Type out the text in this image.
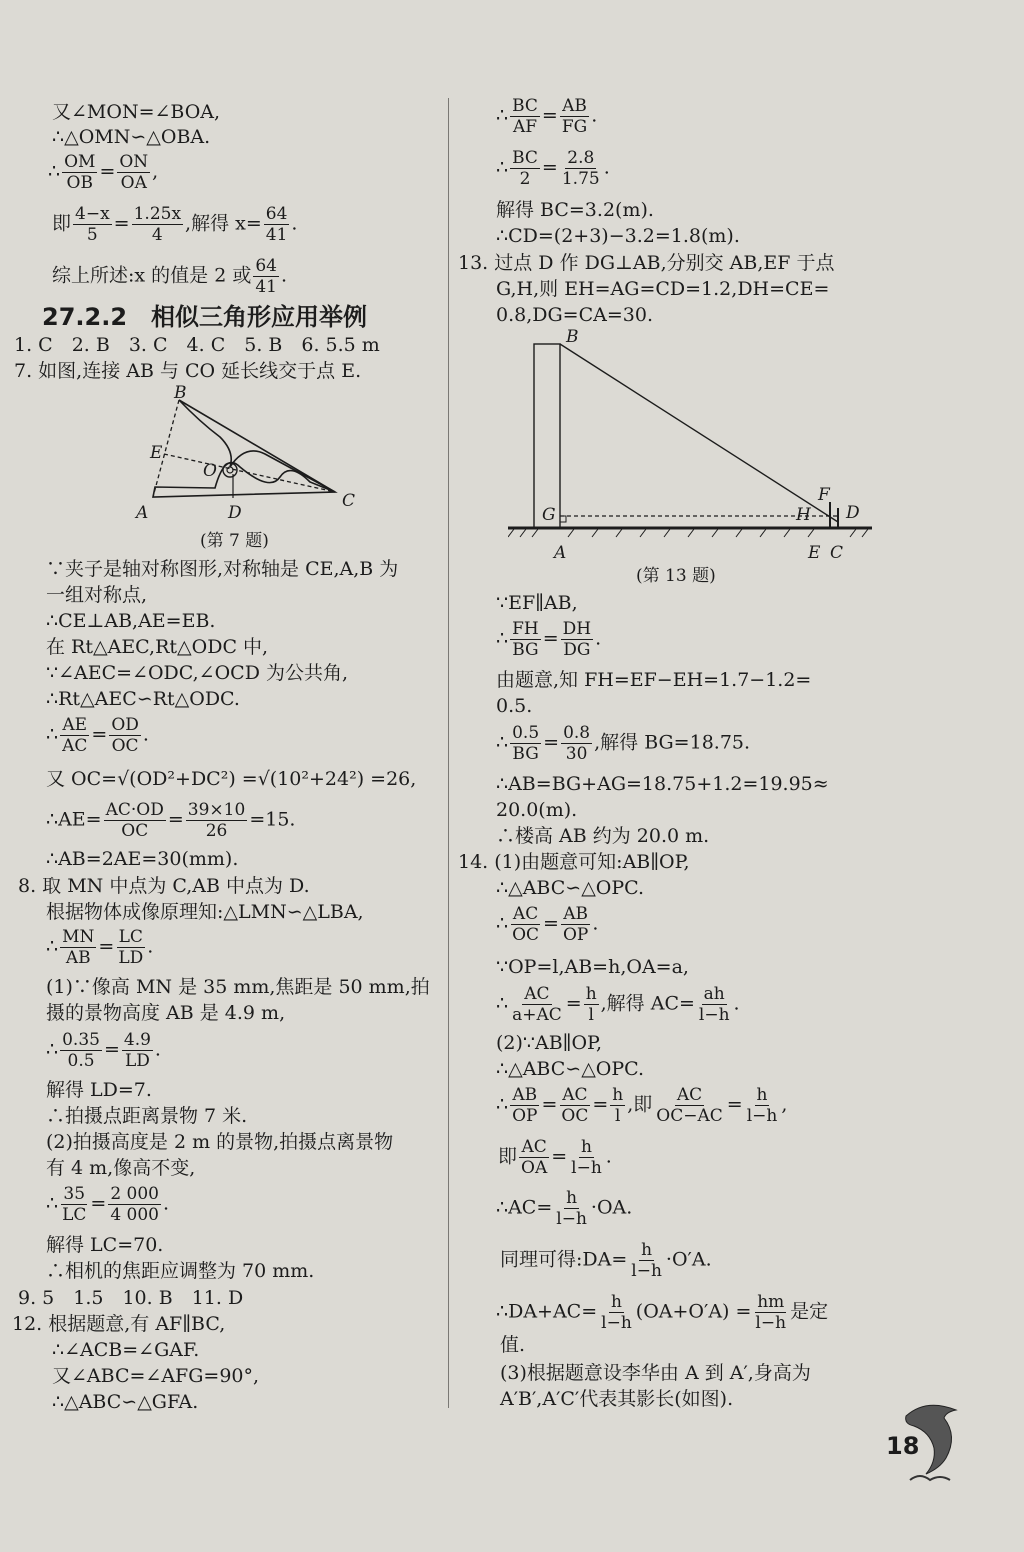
又∠MON=∠BOA,
∴△OMN∽△OBA.
∴ $\frac{OM}{OB} = \frac{ON}{OA}$ ,
即 $\frac{4-x}{5} = \frac{1.25x}{4}$ ,解得 $x= \frac{64}{41}$ .
综上所述:x 的值是 2 或 $\frac{64}{41}$ .
27.2.2　相似三角形应用举例
1. C　2. B　3. C　4. C　5. B　6. 5.5 m
7. 如图,连接 AB 与 CO 延长线交于点 E.
B
E
O
A	D
C
(第 7 题)
∵夹子是轴对称图形,对称轴是 CE,A,B 为
一组对称点,
∴CE⊥AB,AE=EB.
在 Rt△AEC,Rt△ODC 中,
∵∠AEC=∠ODC,∠OCD 为公共角,
∴Rt△AEC∽Rt△ODC.
∴ $\frac{AE}{AC} = \frac{OD}{OC}$ .
又 OC=√(OD²+DC²) =√(10²+24²) =26,
∴AE= $\frac{AC\cdot OD}{OC} = \frac{39\times 10}{26} =15$.
∴AB=2AE=30(mm).
8. 取 MN 中点为 C,AB 中点为 D.
根据物体成像原理知:△LMN∽△LBA,
∴ $\frac{MN}{AB} = \frac{LC}{LD}$ .
(1)∵像高 MN 是 35 mm,焦距是 50 mm,拍
摄的景物高度 AB 是 4.9 m,
∴ $\frac{0.35}{0.5} = \frac{4.9}{LD}$ .
解得 LD=7.
∴拍摄点距离景物 7 米.
(2)拍摄高度是 2 m 的景物,拍摄点离景物
有 4 m,像高不变,
∴ $\frac{35}{LC} = \frac{2 000}{4 000}$ .
解得 LC=70.
∴相机的焦距应调整为 70 mm.
9. 5　1.5　10. B　11. D
12. 根据题意,有 AF∥BC,
∴∠ACB=∠GAF.
又∠ABC=∠AFG=90°,
∴△ABC∽△GFA.
∴ $\frac{BC}{AF} = \frac{AB}{FG}$ .
∴ $\frac{BC}{2} = \frac{2.8}{1.75}$ .
解得 BC=3.2(m).
∴CD=(2+3)−3.2=1.8(m).
13. 过点 D 作 DG⊥AB,分别交 AB,EF 于点
G,H,则 EH=AG=CD=1.2,DH=CE=
0.8,DG=CA=30.
B
G
A
F
H D
E C
(第 13 题)
∵EF∥AB,
∴ $\frac{FH}{BG} = \frac{DH}{DG}$ .
由题意,知 FH=EF−EH=1.7−1.2=
0.5.
∴ $\frac{0.5}{BG} = \frac{0.8}{30}$ ,解得 BG=18.75.
∴AB=BG+AG=18.75+1.2=19.95≈
20.0(m).
∴楼高 AB 约为 20.0 m.
14. (1)由题意可知:AB∥OP,
∴△ABC∽△OPC.
∴ $\frac{AC}{OC} = \frac{AB}{OP}$ .
∵OP=l,AB=h,OA=a,
∴ $\frac{AC}{a+AC} = \frac{h}{l}$ ,解得 $AC= \frac{ah}{l-h}$ .
(2)∵AB∥OP,
∴△ABC∽△OPC.
∴ $\frac{AB}{OP} = \frac{AC}{OC} = \frac{h}{l}$ ,即 $\frac{AC}{OC-AC} = \frac{h}{l-h}$ ,
即 $\frac{AC}{OA} = \frac{h}{l-h}$ .
∴AC= $\frac{h}{l-h} \cdot OA$.
同理可得:DA= $\frac{h}{l-h} \cdot O'A$.
∴DA+AC= $\frac{h}{l-h} (OA+O'A) = \frac{hm}{l-h}$ 是定
值.
(3)根据题意设李华由 A 到 A′,身高为
A′B′,A′C′代表其影长(如图).
18
